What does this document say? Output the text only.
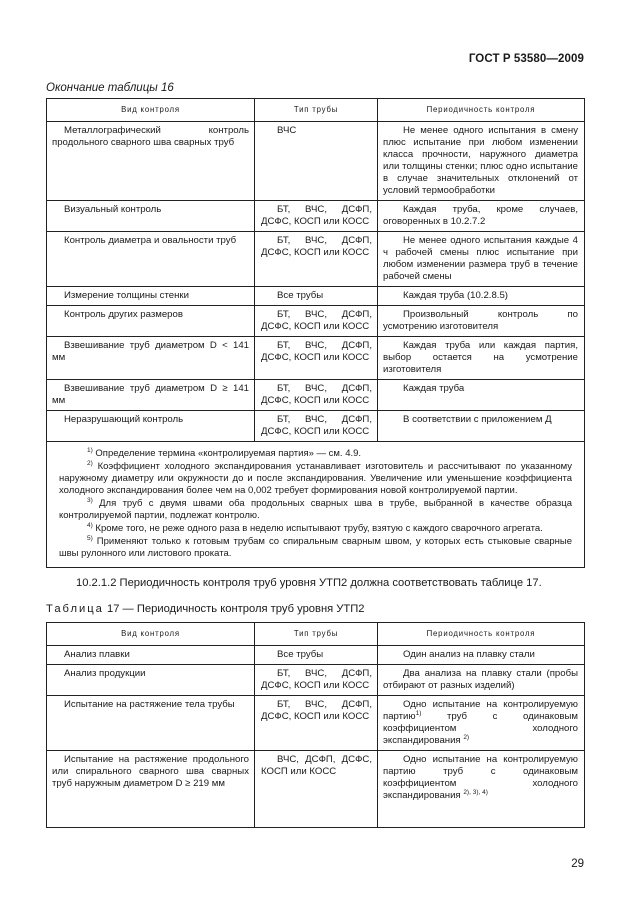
ГОСТ Р 53580—2009
Окончание таблицы 16
Вид контроля	Тип трубы	Периодичность контроля
Металлографический контроль продольного сварного шва сварных труб	ВЧС	Не менее одного испытания в смену плюс испытание при любом изменении класса прочности, наружного диаметра или толщины стенки; плюс одно испытание в случае значительных отклонений от условий термообработки
Визуальный контроль	БТ, ВЧС, ДСФП, ДСФС, КОСП или КОСС	Каждая труба, кроме случаев, оговоренных в 10.2.7.2
Контроль диаметра и овальности труб	БТ, ВЧС, ДСФП, ДСФС, КОСП или КОСС	Не менее одного испытания каждые 4 ч рабочей смены плюс испытание при любом изменении размера труб в течение рабочей смены
Измерение толщины стенки	Все трубы	Каждая труба (10.2.8.5)
Контроль других размеров	БТ, ВЧС, ДСФП, ДСФС, КОСП или КОСС	Произвольный контроль по усмотрению изготовителя
Взвешивание труб диаметром D < 141 мм	БТ, ВЧС, ДСФП, ДСФС, КОСП или КОСС	Каждая труба или каждая партия, выбор остается на усмотрение изготовителя
Взвешивание труб диаметром D ≥ 141 мм	БТ, ВЧС, ДСФП, ДСФС, КОСП или КОСС	Каждая труба
Неразрушающий контроль	БТ, ВЧС, ДСФП, ДСФС, КОСП или КОСС	В соответствии с приложением Д

$^{1)}$ Определение термина «контролируемая партия» — см. 4.9.

$^{2)}$ Коэффициент холодного экспандирования устанавливает изготовитель и рассчитывают по указанному наружному диаметру или окружности до и после экспандирования. Увеличение или уменьшение коэффициента холодного экспандирования более чем на 0,002 требует формирования новой контролируемой партии.

$^{3)}$ Для труб с двумя швами оба продольных сварных шва в трубе, выбранной в качестве образца контролируемой партии, подлежат контролю.

$^{4)}$ Кроме того, не реже одного раза в неделю испытывают трубу, взятую с каждого сварочного агрегата.

$^{5)}$ Применяют только к готовым трубам со спиральным сварным швом, у которых есть стыковые сварные швы рулонного или листового проката.		

10.2.1.2 Периодичность контроля труб уровня УТП2 должна соответствовать таблице 17.
Таблица 17 — Периодичность контроля труб уровня УТП2
Вид контроля	Тип трубы	Периодичность контроля
Анализ плавки	Все трубы	Один анализ на плавку стали
Анализ продукции	БТ, ВЧС, ДСФП, ДСФС, КОСП или КОСС	Два анализа на плавку стали (пробы отбирают от разных изделий)
Испытание на растяжение тела трубы	БТ, ВЧС, ДСФП, ДСФС, КОСП или КОСС	Одно испытание на контролируемую партию$^{1)}$ труб с одинаковым коэффициентом холодного экспандирования $^{2)}$
Испытание на растяжение продольного или спирального сварного шва сварных труб наружным диаметром D ≥ 219 мм	ВЧС, ДСФП, ДСФС, КОСП или КОСС	Одно испытание на контролируемую партию труб с одинаковым коэффициентом холодного экспандирования $^{2), 3), 4)}$
29
